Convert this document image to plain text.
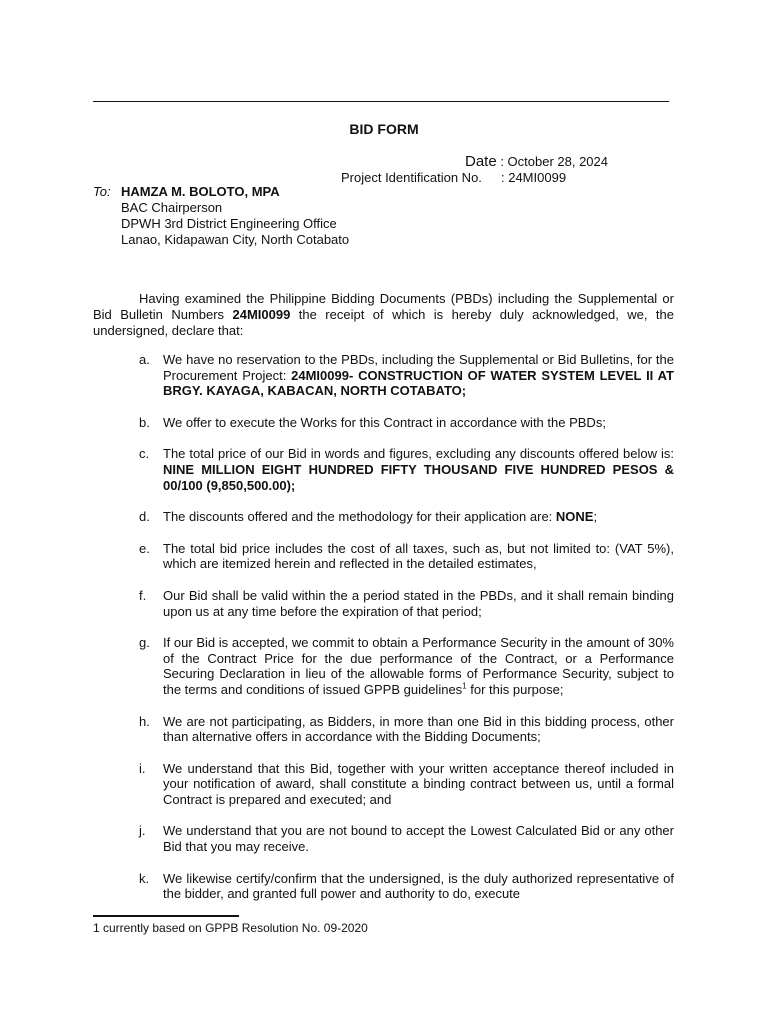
BID FORM
Date : October 28, 2024
Project Identification No. : 24MI0099
To: HAMZA M. BOLOTO, MPA
BAC Chairperson
DPWH 3rd District Engineering Office
Lanao, Kidapawan City, North Cotabato
Having examined the Philippine Bidding Documents (PBDs) including the Supplemental or Bid Bulletin Numbers 24MI0099 the receipt of which is hereby duly acknowledged, we, the undersigned, declare that:
a.	We have no reservation to the PBDs, including the Supplemental or Bid Bulletins, for the Procurement Project: 24MI0099- CONSTRUCTION OF WATER SYSTEM LEVEL II AT BRGY. KAYAGA, KABACAN, NORTH COTABATO;
b.	We offer to execute the Works for this Contract in accordance with the PBDs;
c.	The total price of our Bid in words and figures, excluding any discounts offered below is: NINE MILLION EIGHT HUNDRED FIFTY THOUSAND FIVE HUNDRED PESOS & 00/100 (9,850,500.00);
d.	The discounts offered and the methodology for their application are: NONE;
e.	The total bid price includes the cost of all taxes, such as, but not limited to: (VAT 5%), which are itemized herein and reflected in the detailed estimates,
f.	Our Bid shall be valid within the a period stated in the PBDs, and it shall remain binding upon us at any time before the expiration of that period;
g.	If our Bid is accepted, we commit to obtain a Performance Security in the amount of 30% of the Contract Price for the due performance of the Contract, or a Performance Securing Declaration in lieu of the allowable forms of Performance Security, subject to the terms and conditions of issued GPPB guidelines$^1$ for this purpose;
h.	We are not participating, as Bidders, in more than one Bid in this bidding process, other than alternative offers in accordance with the Bidding Documents;
i.	We understand that this Bid, together with your written acceptance thereof included in your notification of award, shall constitute a binding contract between us, until a formal Contract is prepared and executed; and
j.	We understand that you are not bound to accept the Lowest Calculated Bid or any other Bid that you may receive.
k.	We likewise certify/confirm that the undersigned, is the duly authorized representative of the bidder, and granted full power and authority to do, execute
1 currently based on GPPB Resolution No. 09-2020
